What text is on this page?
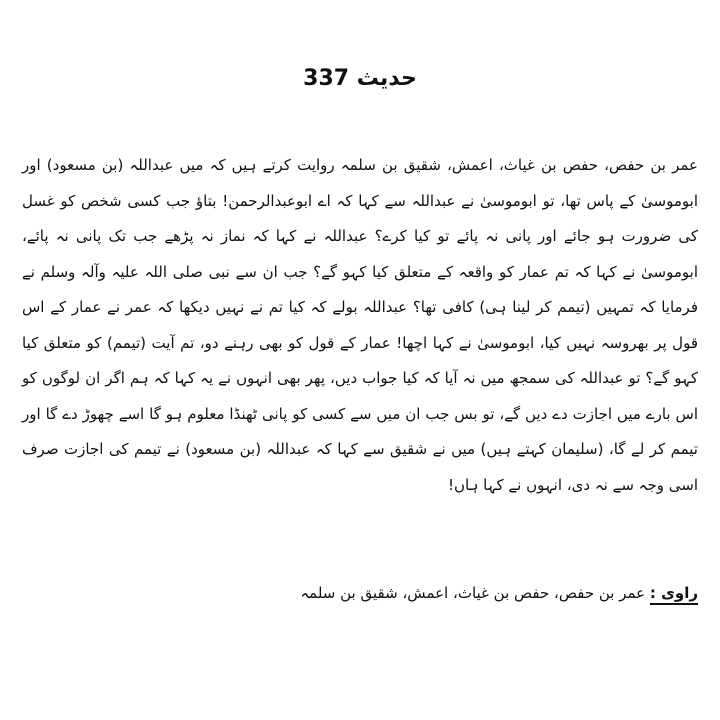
حدیث 337
عمر بن حفص، حفص بن غیاث، اعمش، شقیق بن سلمہ روایت کرتے ہیں کہ میں عبداللہ (بن مسعود) اور ابوموسیٰ کے پاس تھا، تو ابوموسیٰ نے عبداللہ سے کہا کہ اے ابوعبدالرحمن! بتاؤ جب کسی شخص کو غسل کی ضرورت ہو جائے اور پانی نہ پائے تو کیا کرے؟ عبداللہ نے کہا کہ نماز نہ پڑھے جب تک پانی نہ پائے، ابوموسیٰ نے کہا کہ تم عمار کو واقعہ کے متعلق کیا کہو گے؟ جب ان سے نبی صلی اللہ علیہ وآلہ وسلم نے فرمایا کہ تمہیں (تیمم کر لینا ہی) کافی تھا؟ عبداللہ بولے کہ کیا تم نے نہیں دیکھا کہ عمر نے عمار کے اس قول پر بھروسہ نہیں کیا، ابوموسیٰ نے کہا اچھا! عمار کے قول کو بھی رہنے دو، تم آیت (تیمم) کو متعلق کیا کہو گے؟ تو عبداللہ کی سمجھ میں نہ آیا کہ کیا جواب دیں، پھر بھی انہوں نے یہ کہا کہ ہم اگر ان لوگوں کو اس بارے میں اجازت دے دیں گے، تو بس جب ان میں سے کسی کو پانی ٹھنڈا معلوم ہو گا اسے چھوڑ دے گا اور تیمم کر لے گا، (سلیمان کہتے ہیں) میں نے شقیق سے کہا کہ عبداللہ (بن مسعود) نے تیمم کی اجازت صرف اسی وجہ سے نہ دی، انہوں نے کہا ہاں!
راوی : عمر بن حفص، حفص بن غیاث، اعمش، شقیق بن سلمہ
